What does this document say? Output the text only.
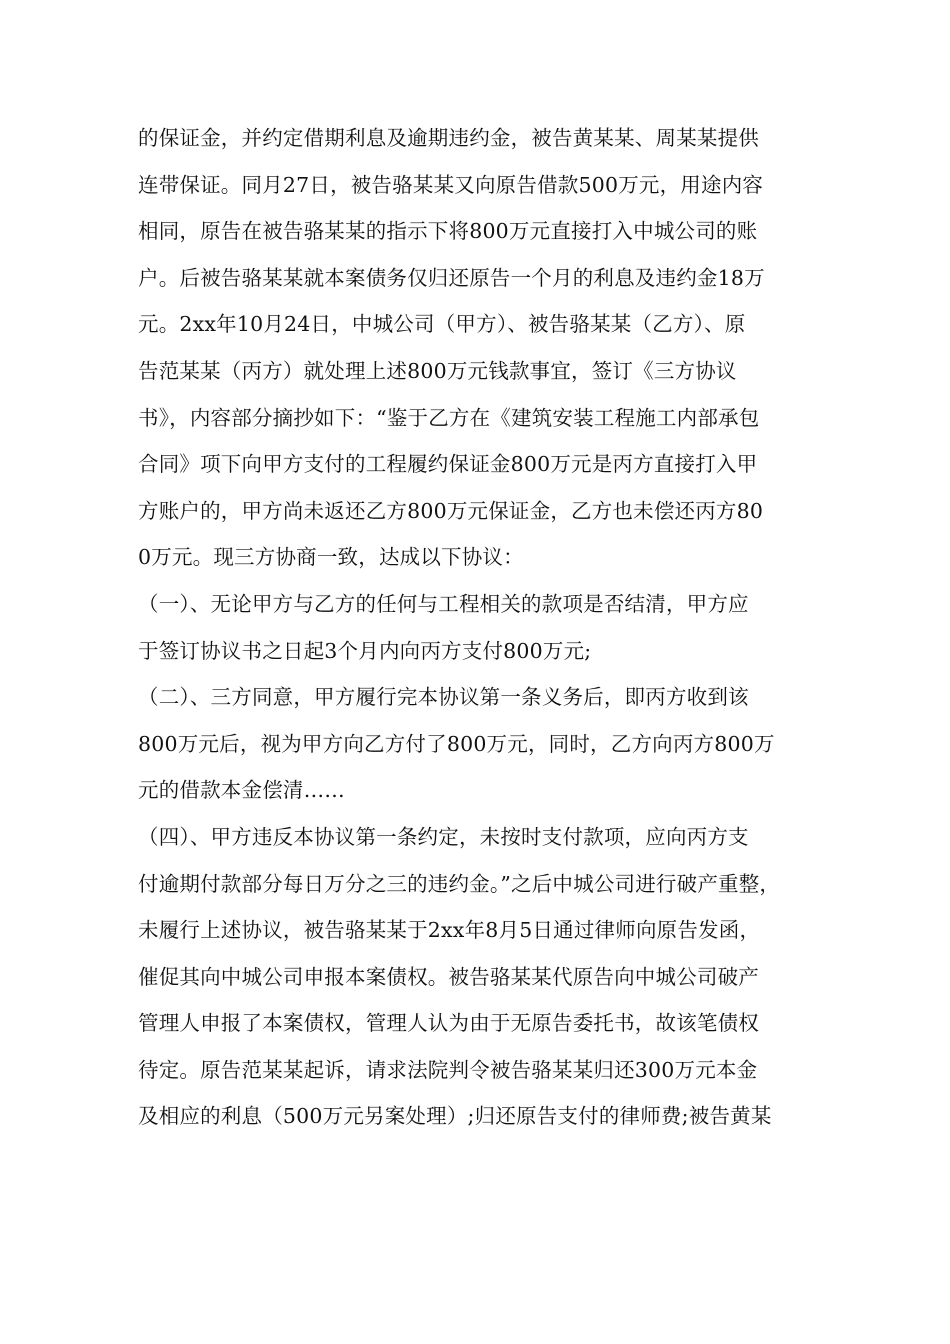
的保证金，并约定借期利息及逾期违约金，被告黄某某、周某某提供
连带保证。同月27日，被告骆某某又向原告借款500万元，用途内容
相同，原告在被告骆某某的指示下将800万元直接打入中城公司的账
户。后被告骆某某就本案债务仅归还原告一个月的利息及违约金18万
元。2xx年10月24日，中城公司（甲方）、被告骆某某（乙方）、原
告范某某（丙方）就处理上述800万元钱款事宜，签订《三方协议
书》，内容部分摘抄如下：“鉴于乙方在《建筑安装工程施工内部承包
合同》项下向甲方支付的工程履约保证金800万元是丙方直接打入甲
方账户的，甲方尚未返还乙方800万元保证金，乙方也未偿还丙方80
0万元。现三方协商一致，达成以下协议：
（一）、无论甲方与乙方的任何与工程相关的款项是否结清，甲方应
于签订协议书之日起3个月内向丙方支付800万元;
（二）、三方同意，甲方履行完本协议第一条义务后，即丙方收到该
800万元后，视为甲方向乙方付了800万元，同时，乙方向丙方800万
元的借款本金偿清……
（四）、甲方违反本协议第一条约定，未按时支付款项，应向丙方支
付逾期付款部分每日万分之三的违约金。”之后中城公司进行破产重整，
未履行上述协议，被告骆某某于2xx年8月5日通过律师向原告发函，
催促其向中城公司申报本案债权。被告骆某某代原告向中城公司破产
管理人申报了本案债权，管理人认为由于无原告委托书，故该笔债权
待定。原告范某某起诉，请求法院判令被告骆某某归还300万元本金
及相应的利息（500万元另案处理）;归还原告支付的律师费;被告黄某
